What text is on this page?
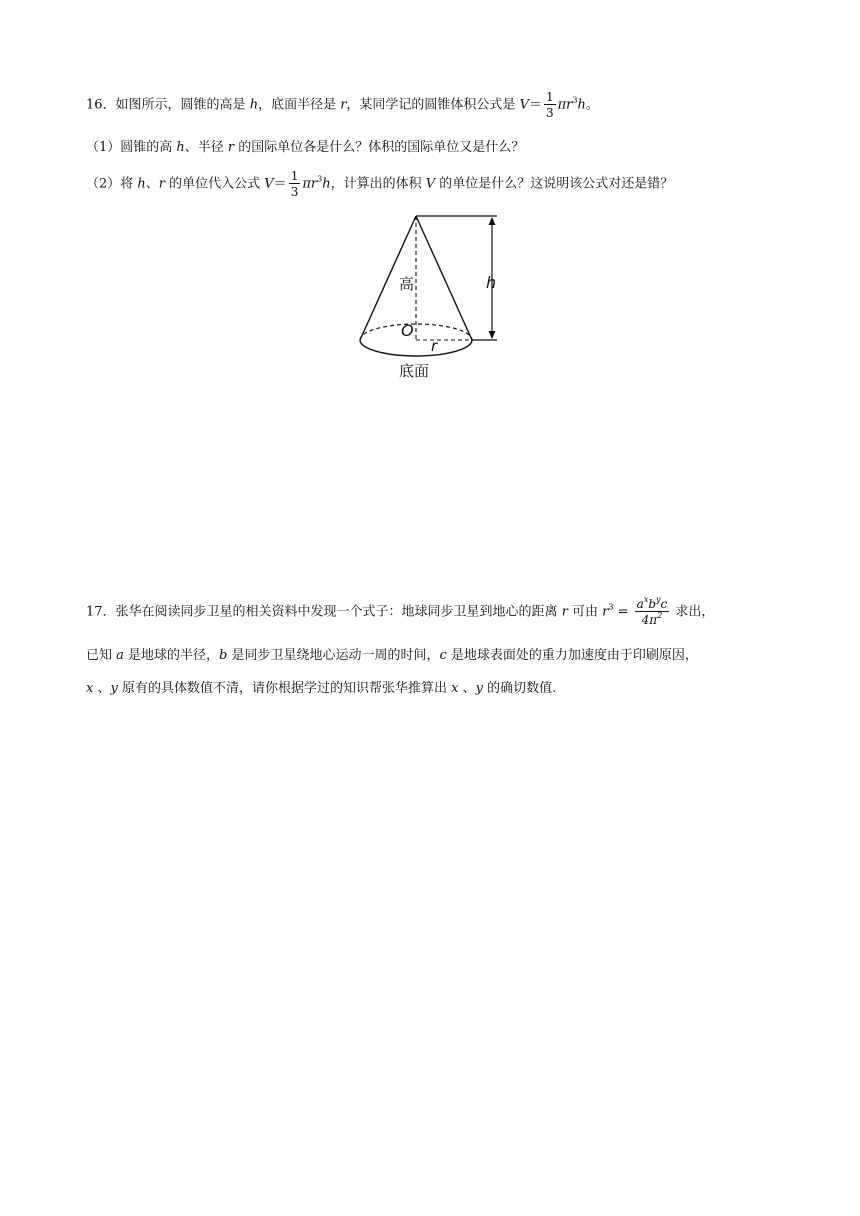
16．如图所示，圆锥的高是 h，底面半径是 r，某同学记的圆锥体积公式是 $V= \frac{1}{3} \pi r^3h$。
（1）圆锥的高 h、半径 r 的国际单位各是什么？体积的国际单位又是什么？
（2）将 h、r 的单位代入公式 $V= \frac{1}{3} \pi r^3h$，计算出的体积 V 的单位是什么？这说明该公式对还是错？
高	h
O
r
底面
17．张华在阅读同步卫星的相关资料中发现一个式子：地球同步卫星到地心的距离 r 可由 $r^3 = \frac{a^xb^yc}{4\pi^2}$ 求出，
已知 a 是地球的半径，b 是同步卫星绕地心运动一周的时间，c 是地球表面处的重力加速度由于印刷原因，
x 、y 原有的具体数值不清，请你根据学过的知识帮张华推算出 x 、y 的确切数值.
